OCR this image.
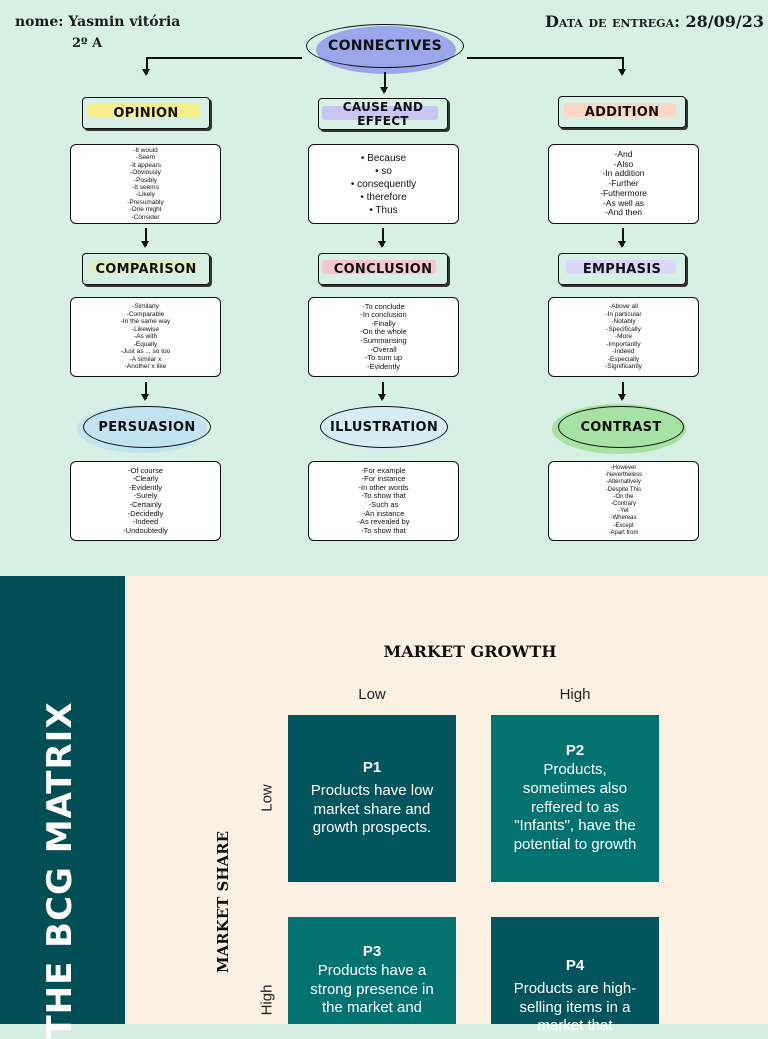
nome: Yasmin vitória
2º A
Data de entrega: 28/09/23
CONNECTIVES
OPINION	CAUSE AND EFFECT
ADDITION
-It would
-Seem
-It appears
-Obviously
-Posibly
-It seems
-Likely
-Presumably
-One might
-Consider
• Because
• so
• consequently
• therefore
• Thus
-And
-Also
-In addition
-Further
-Futhermore
-As well as
-And then
COMPARISON	CONCLUSION	EMPHASIS
-Similarly
-Comparable
-In the same way
-Likewise
-As with
-Equally
-Just as ... so too
-A similar x
-Another x like
-To conclude
-In conclusion
-Finally
-On the whole
-Summarising
-Overall
-To sum up
-Evidently
-Above all
-In particular
-Notably
-Specifically
-More
-Importantly
-Indeed
-Especially
-Significantly
PERSUASION	ILLUSTRATION	CONTRAST
-Of course
-Clearly
-Evidently
-Surely
-Certainly
-Decidedly
-Indeed
-Undoubtedly
-For example
-For instance
-In other words
-To show that
-Such as
-An instance
-As revealed by
-To show that
-However
-Nevertheless
-Alternatively
-Despite This
-On the
-Contrary
-Yet
-Whereas
-Except
-Apart from
THE BCG MATRIX
MARKET GROWTH
Low	High
MARKET SHARE
Low
High
P1
Products have low market share and growth prospects.
P2
Products, sometimes also reffered to as "Infants", have the potential to growth
P3
Products have a strong presence in the market and
P4
Products are high-selling items in a market that
